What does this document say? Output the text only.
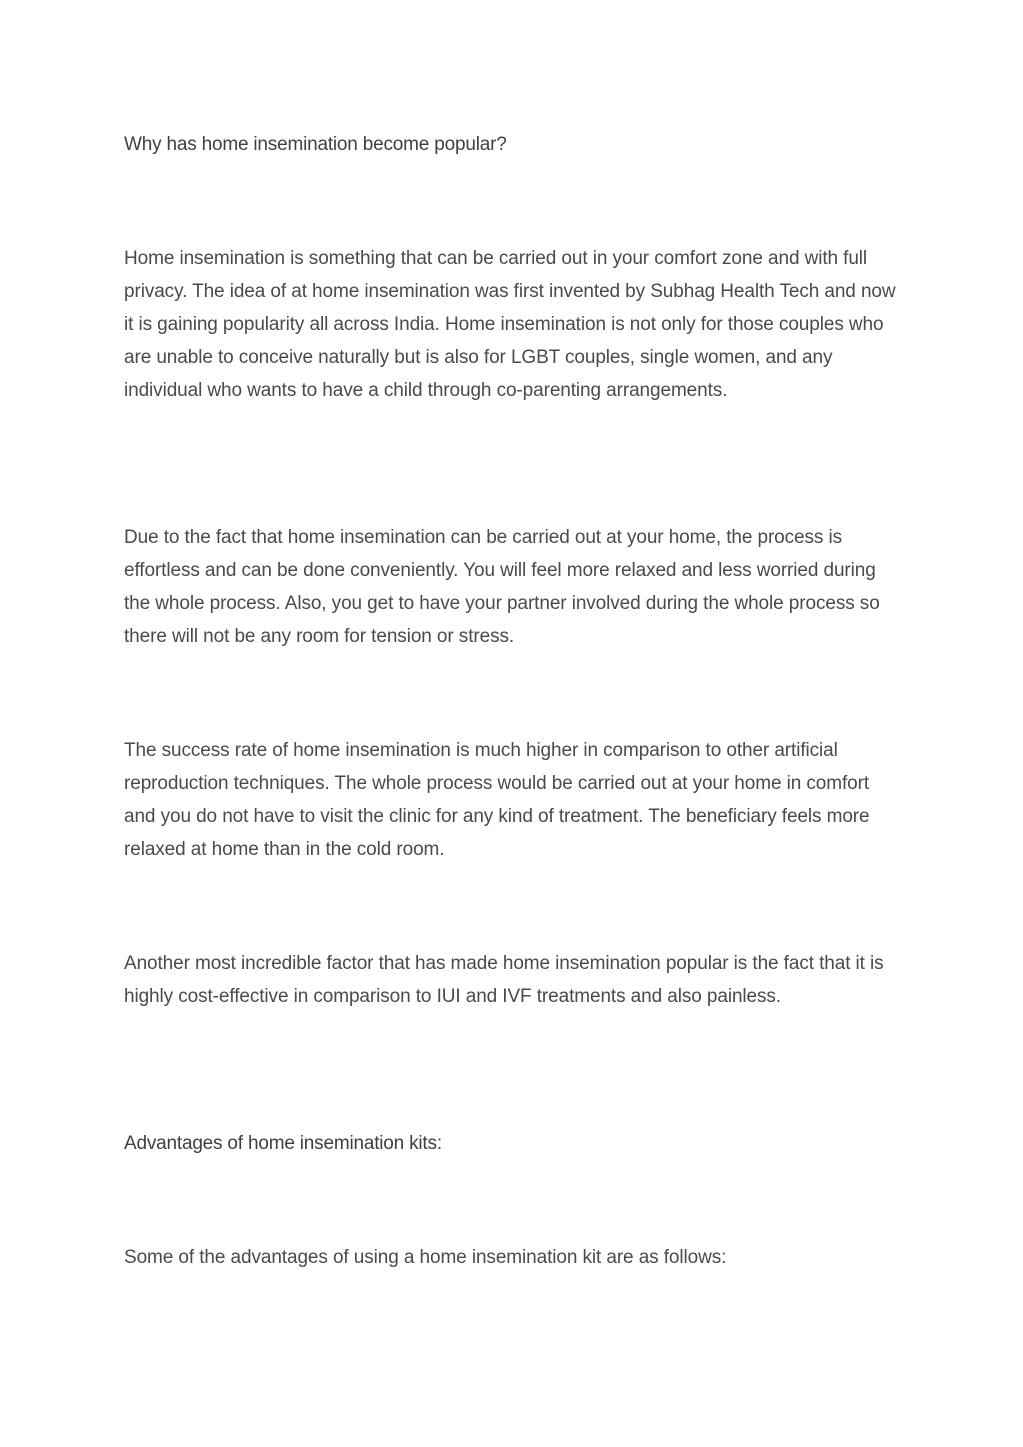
Why has home insemination become popular?

Home insemination is something that can be carried out in your comfort zone and with full privacy. The idea of at home insemination was first invented by Subhag Health Tech and now it is gaining popularity all across India. Home insemination is not only for those couples who are unable to conceive naturally but is also for LGBT couples, single women, and any individual who wants to have a child through co-parenting arrangements.

Due to the fact that home insemination can be carried out at your home, the process is effortless and can be done conveniently. You will feel more relaxed and less worried during the whole process. Also, you get to have your partner involved during the whole process so there will not be any room for tension or stress.

The success rate of home insemination is much higher in comparison to other artificial reproduction techniques. The whole process would be carried out at your home in comfort and you do not have to visit the clinic for any kind of treatment. The beneficiary feels more relaxed at home than in the cold room.

Another most incredible factor that has made home insemination popular is the fact that it is highly cost-effective in comparison to IUI and IVF treatments and also painless.

Advantages of home insemination kits:

Some of the advantages of using a home insemination kit are as follows:
